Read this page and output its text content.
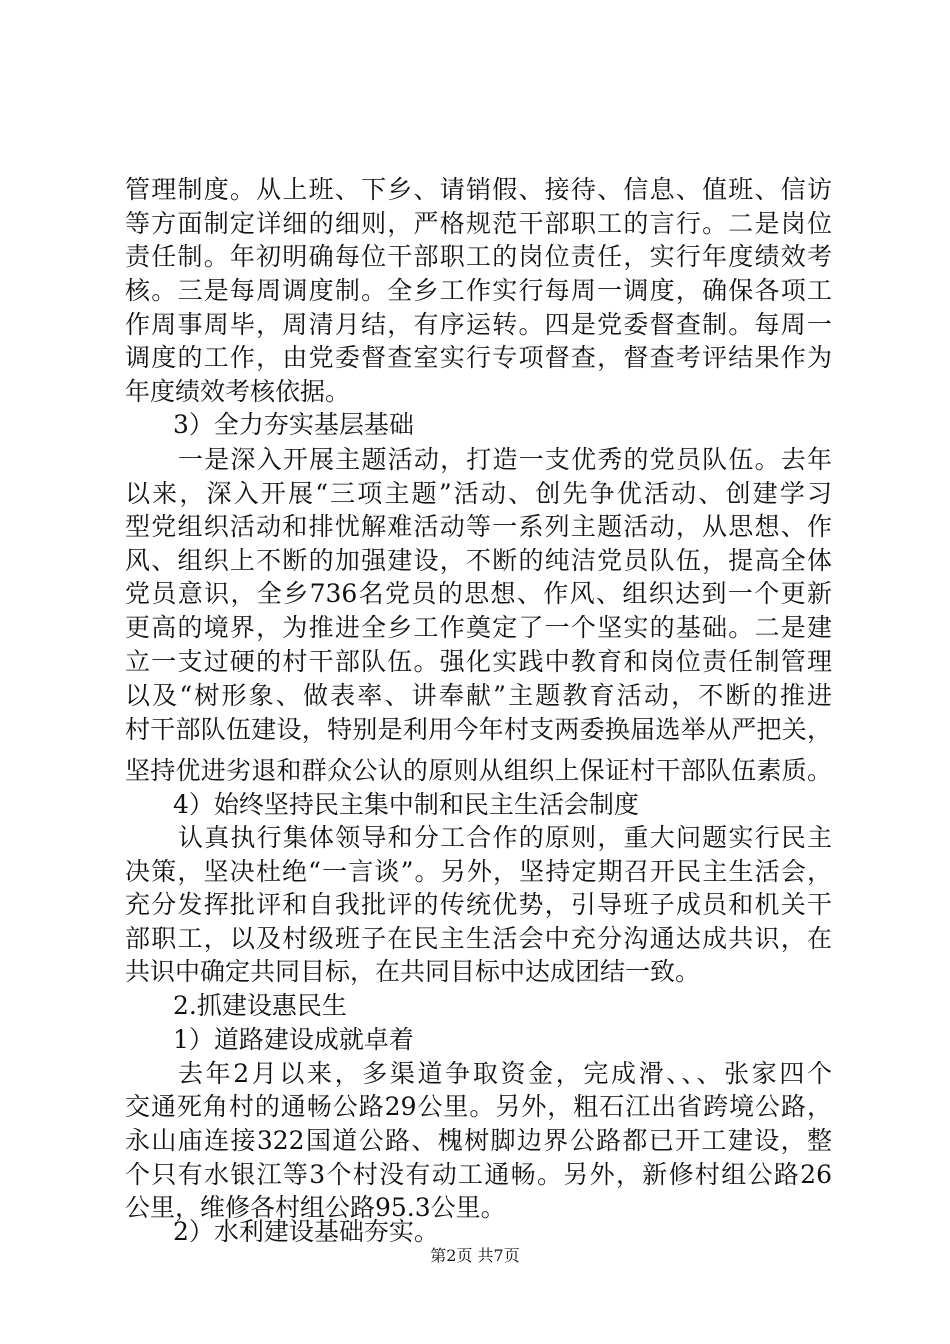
管理制度。从上班、下乡、请销假、接待、信息、值班、信访
等方面制定详细的细则，严格规范干部职工的言行。二是岗位
责任制。年初明确每位干部职工的岗位责任，实行年度绩效考
核。三是每周调度制。全乡工作实行每周一调度，确保各项工
作周事周毕，周清月结，有序运转。四是党委督查制。每周一
调度的工作，由党委督查室实行专项督查，督查考评结果作为
年度绩效考核依据。
3）全力夯实基层基础
一是深入开展主题活动，打造一支优秀的党员队伍。去年
以来，深入开展“三项主题”活动、创先争优活动、创建学习
型党组织活动和排忧解难活动等一系列主题活动，从思想、作
风、组织上不断的加强建设，不断的纯洁党员队伍，提高全体
党员意识，全乡736名党员的思想、作风、组织达到一个更新
更高的境界，为推进全乡工作奠定了一个坚实的基础。二是建
立一支过硬的村干部队伍。强化实践中教育和岗位责任制管理
以及“树形象、做表率、讲奉献”主题教育活动，不断的推进
村干部队伍建设，特别是利用今年村支两委换届选举从严把关，
坚持优进劣退和群众公认的原则从组织上保证村干部队伍素质。
4）始终坚持民主集中制和民主生活会制度
认真执行集体领导和分工合作的原则，重大问题实行民主
决策，坚决杜绝“一言谈”。另外，坚持定期召开民主生活会，
充分发挥批评和自我批评的传统优势，引导班子成员和机关干
部职工，以及村级班子在民主生活会中充分沟通达成共识，在
共识中确定共同目标，在共同目标中达成团结一致。
2.抓建设惠民生
1）道路建设成就卓着
去年2月以来，多渠道争取资金，完成滑、、、张家四个
交通死角村的通畅公路29公里。另外，粗石江出省跨境公路，
永山庙连接322国道公路、槐树脚边界公路都已开工建设，整
个只有水银江等3个村没有动工通畅。另外，新修村组公路26
公里，维修各村组公路95.3公里。
2）水利建设基础夯实。
第2页 共7页
